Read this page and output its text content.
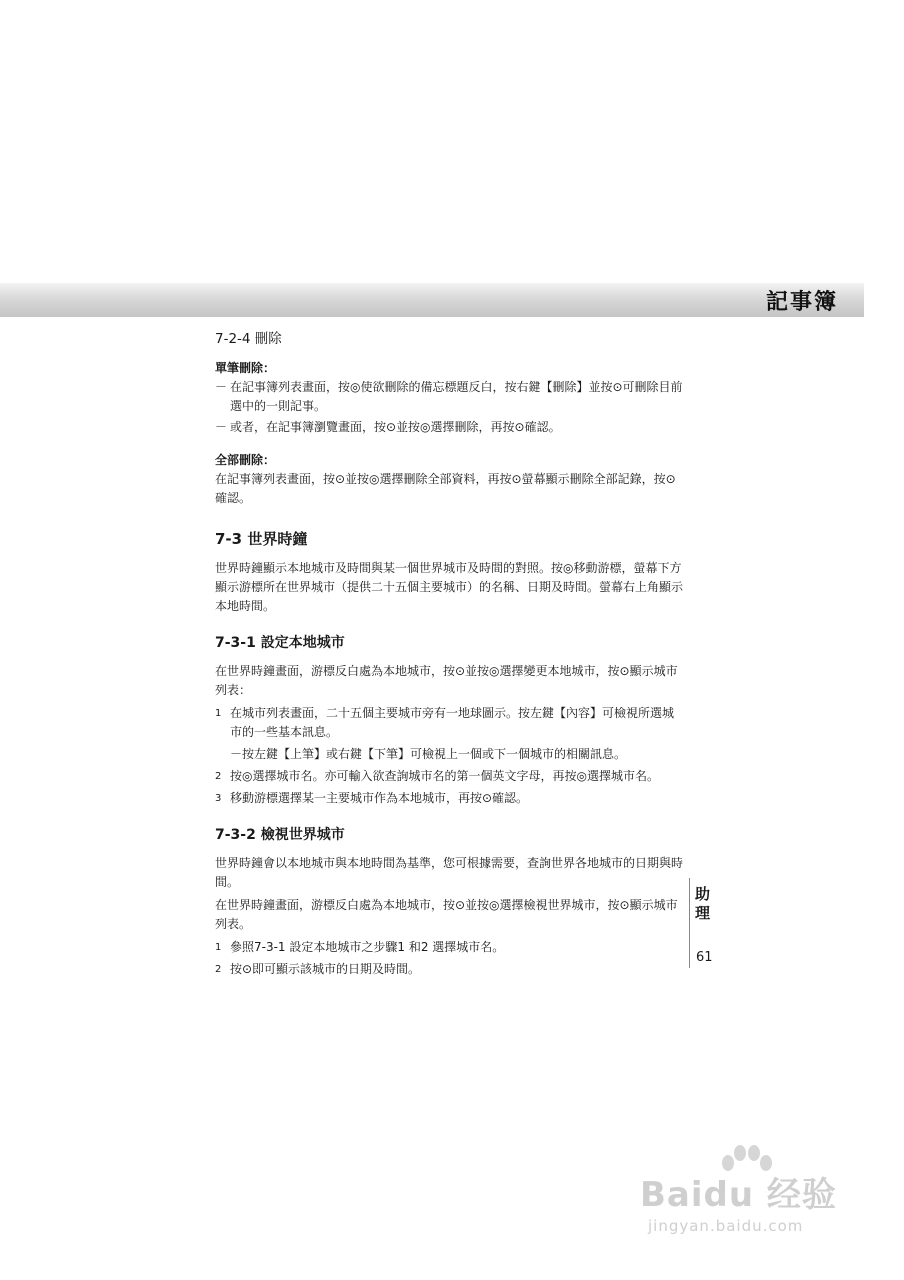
記事簿
7-2-4 刪除
單筆刪除：
－ 在記事簿列表畫面，按◎使欲刪除的備忘標題反白，按右鍵【刪除】並按⊙可刪除目前選中的一則記事。
－ 或者，在記事簿瀏覽畫面，按⊙並按◎選擇刪除，再按⊙確認。
全部刪除：
在記事簿列表畫面，按⊙並按◎選擇刪除全部資料，再按⊙螢幕顯示刪除全部記錄，按⊙確認。
7-3 世界時鐘
世界時鐘顯示本地城市及時間與某一個世界城市及時間的對照。按◎移動游標，螢幕下方顯示游標所在世界城市（提供二十五個主要城市）的名稱、日期及時間。螢幕右上角顯示本地時間。
7-3-1 設定本地城市
在世界時鐘畫面，游標反白處為本地城市，按⊙並按◎選擇變更本地城市，按⊙顯示城市列表：
1 在城市列表畫面，二十五個主要城市旁有一地球圖示。按左鍵【內容】可檢視所選城市的一些基本訊息。
－按左鍵【上筆】或右鍵【下筆】可檢視上一個或下一個城市的相關訊息。
2 按◎選擇城市名。亦可輸入欲查詢城市名的第一個英文字母，再按◎選擇城市名。
3 移動游標選擇某一主要城市作為本地城市，再按⊙確認。
7-3-2 檢視世界城市
世界時鐘會以本地城市與本地時間為基準，您可根據需要，查詢世界各地城市的日期與時間。
在世界時鐘畫面，游標反白處為本地城市，按⊙並按◎選擇檢視世界城市，按⊙顯示城市列表。
1 參照7-3-1 設定本地城市之步驟1 和2 選擇城市名。
2 按⊙即可顯示該城市的日期及時間。
助理
61
Baidu 经验
jingyan.baidu.com
